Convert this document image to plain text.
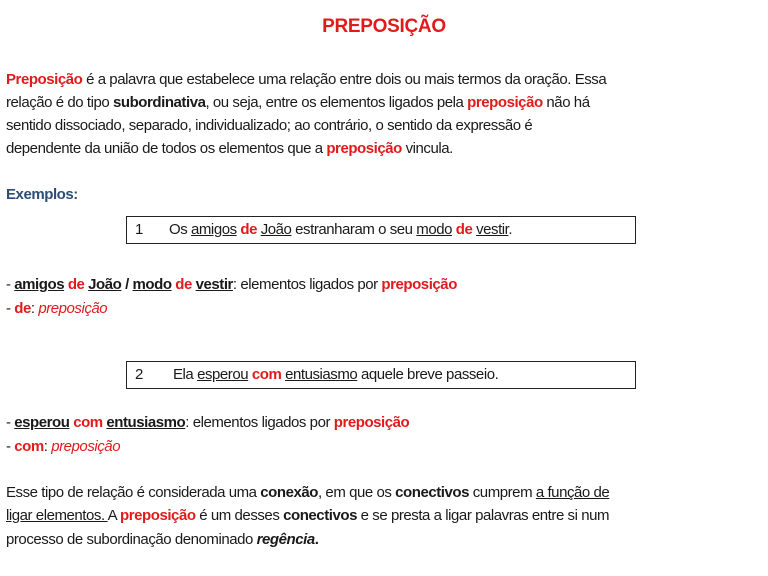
PREPOSIÇÃO
Preposição é a palavra que estabelece uma relação entre dois ou mais termos da oração. Essa
relação é do tipo subordinativa, ou seja, entre os elementos ligados pela preposição não há
sentido dissociado, separado, individualizado; ao contrário, o sentido da expressão é
dependente da união de todos os elementos que a preposição vincula.
Exemplos:
1 Os amigos de João estranharam o seu modo de vestir.
- amigos de João / modo de vestir: elementos ligados por preposição
- de: preposição
2 Ela esperou com entusiasmo aquele breve passeio.
- esperou com entusiasmo: elementos ligados por preposição
- com: preposição
Esse tipo de relação é considerada uma conexão, em que os conectivos cumprem a função de
ligar elementos. A preposição é um desses conectivos e se presta a ligar palavras entre si num
processo de subordinação denominado regência.
